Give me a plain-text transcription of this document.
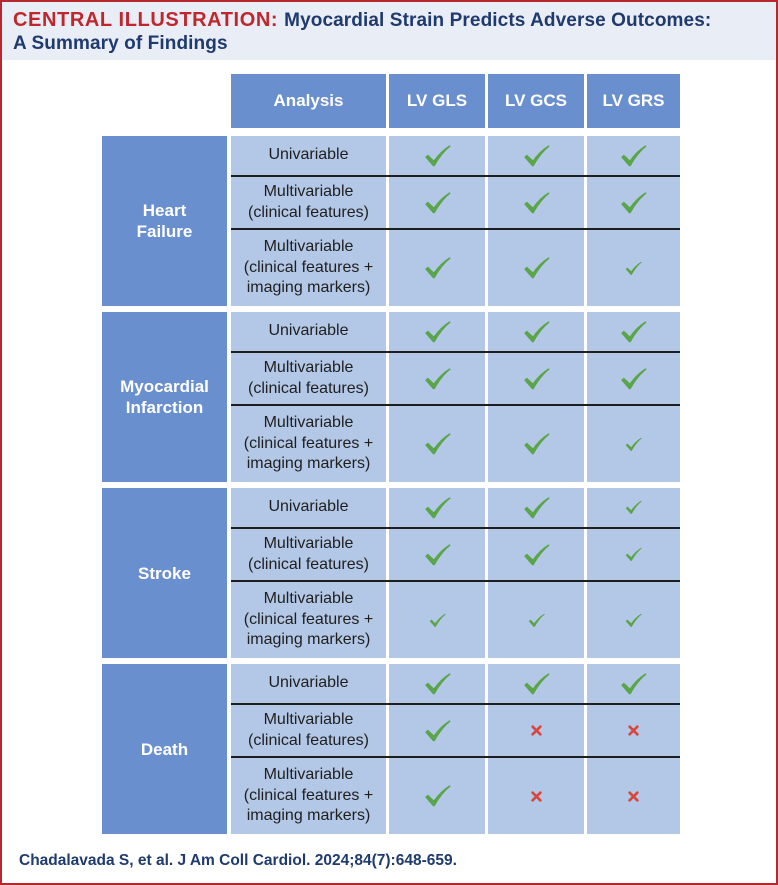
CENTRAL ILLUSTRATION: Myocardial Strain Predicts Adverse Outcomes:
A Summary of Findings
Analysis	LV GLS LV GCS LV GRS
Heart
Failure
Univariable
Multivariable
(clinical features)
Multivariable
(clinical features +
imaging markers)
Myocardial
Infarction
Univariable
Multivariable
(clinical features)
Multivariable
(clinical features +
imaging markers)
Stroke
Univariable
Multivariable
(clinical features)
Multivariable
(clinical features +
imaging markers)
Death
Univariable
Multivariable
(clinical features)
Multivariable
(clinical features +
imaging markers)
Chadalavada S, et al. J Am Coll Cardiol. 2024;84(7):648-659.
